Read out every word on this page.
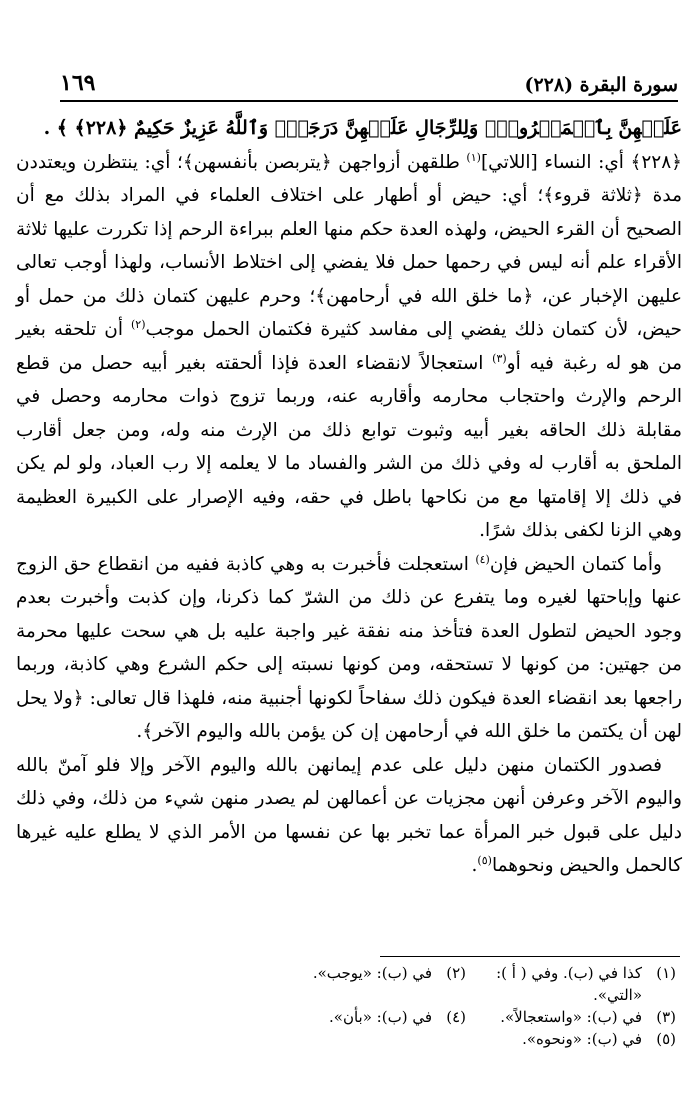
سورة البقرة (٢٢٨)
١٦٩

عَلَيۡهِنَّ بِٱلۡمَعۡرُوفِۚ وَلِلرِّجَالِ عَلَيۡهِنَّ دَرَجَةٞۗ وَٱللَّهُ عَزِيزٌ حَكِيمٌ ﴿٢٢٨﴾ ﴾ .

﴿٢٢٨﴾ أي: النساء [اللاتي]$^{(١)}$ طلقهن أزواجهن ﴿يتربصن بأنفسهن﴾؛ أي: ينتظرن ويعتددن مدة ﴿ثلاثة قروء﴾؛ أي: حيض أو أطهار على اختلاف العلماء في المراد بذلك مع أن الصحيح أن القرء الحيض، ولهذه العدة حكم منها العلم ببراءة الرحم إذا تكررت عليها ثلاثة الأقراء علم أنه ليس في رحمها حمل فلا يفضي إلى اختلاط الأنساب، ولهذا أوجب تعالى عليهن الإخبار عن، ﴿ما خلق الله في أرحامهن﴾؛ وحرم عليهن كتمان ذلك من حمل أو حيض، لأن كتمان ذلك يفضي إلى مفاسد كثيرة فكتمان الحمل موجب$^{(٢)}$ أن تلحقه بغير من هو له رغبة فيه أو$^{(٣)}$ استعجالاً لانقضاء العدة فإذا ألحقته بغير أبيه حصل من قطع الرحم والإرث واحتجاب محارمه وأقاربه عنه، وربما تزوج ذوات محارمه وحصل في مقابلة ذلك الحاقه بغير أبيه وثبوت توابع ذلك من الإرث منه وله، ومن جعل أقارب الملحق به أقارب له وفي ذلك من الشر والفساد ما لا يعلمه إلا رب العباد، ولو لم يكن في ذلك إلا إقامتها مع من نكاحها باطل في حقه، وفيه الإصرار على الكبيرة العظيمة وهي الزنا لكفى بذلك شرًا.

وأما كتمان الحيض فإن$^{(٤)}$ استعجلت فأخبرت به وهي كاذبة ففيه من انقطاع حق الزوج عنها وإباحتها لغيره وما يتفرع عن ذلك من الشرّ كما ذكرنا، وإن كذبت وأخبرت بعدم وجود الحيض لتطول العدة فتأخذ منه نفقة غير واجبة عليه بل هي سحت عليها محرمة من جهتين: من كونها لا تستحقه، ومن كونها نسبته إلى حكم الشرع وهي كاذبة، وربما راجعها بعد انقضاء العدة فيكون ذلك سفاحاً لكونها أجنبية منه، فلهذا قال تعالى: ﴿ولا يحل لهن أن يكتمن ما خلق الله في أرحامهن إن كن يؤمن بالله واليوم الآخر﴾.

فصدور الكتمان منهن دليل على عدم إيمانهن بالله واليوم الآخر وإلا فلو آمنّ بالله واليوم الآخر وعرفن أنهن مجزيات عن أعمالهن لم يصدر منهن شيء من ذلك، وفي ذلك دليل على قبول خبر المرأة عما تخبر بها عن نفسها من الأمر الذي لا يطلع عليه غيرها كالحمل والحيض ونحوهما$^{(٥)}$.

( ١ )
كذا في (ب). وفي ( أ ): «التي».
( ٢ )
في (ب): «يوجب».
( ٣ )
في (ب): «واستعجالاً».
( ٤ )
في (ب): «بأن».
( ٥ )
في (ب): «ونحوه».
